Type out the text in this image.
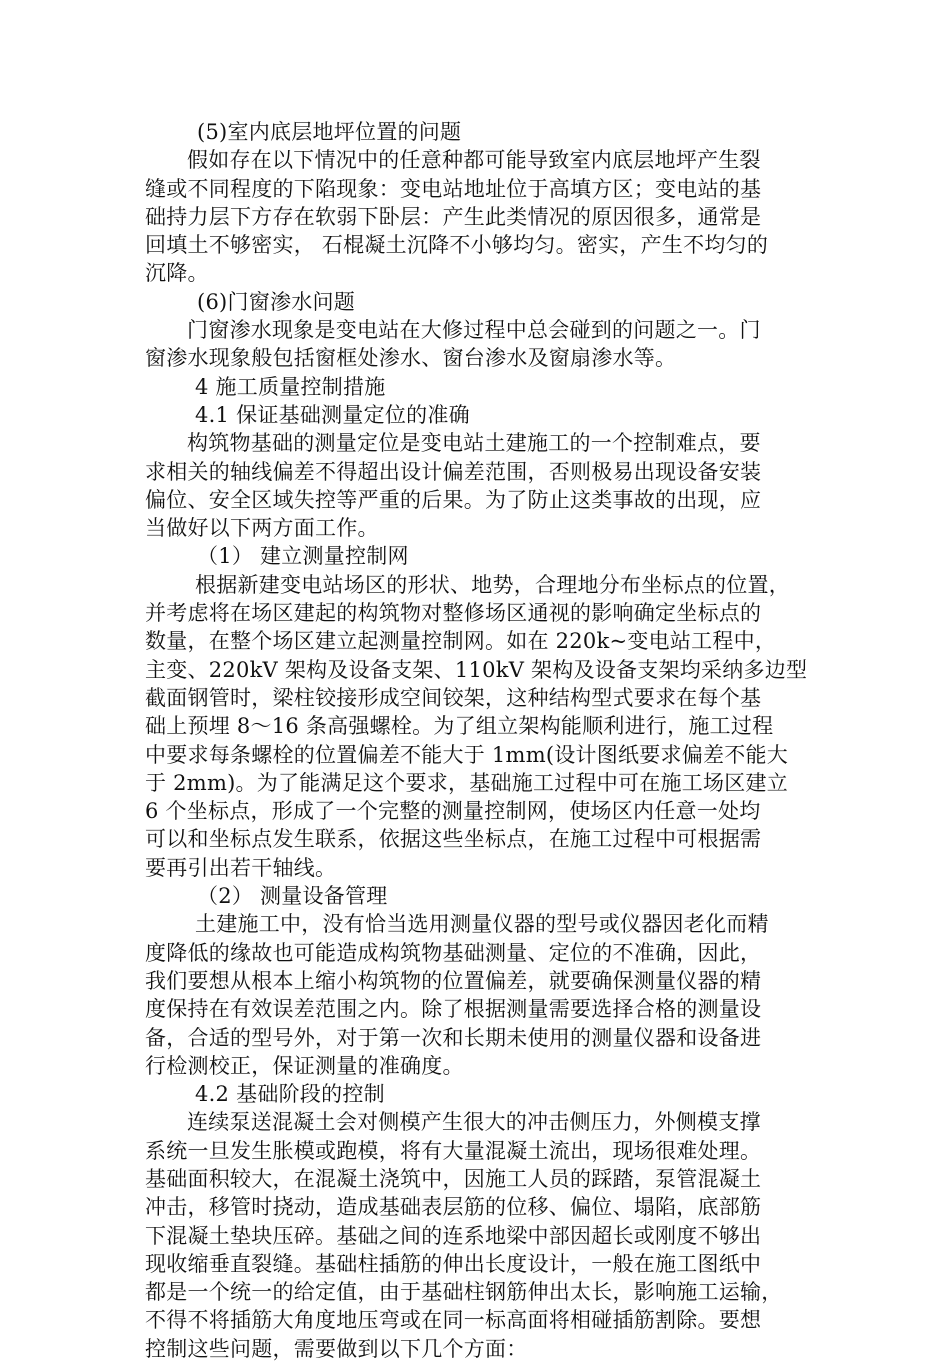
(5)室内底层地坪位置的问题

假如存在以下情况中的任意种都可能导致室内底层地坪产生裂

缝或不同程度的下陷现象：变电站地址位于高填方区；变电站的基

础持力层下方存在软弱下卧层：产生此类情况的原因很多，通常是

回填土不够密实， 石棍凝土沉降不小够均匀。密实，产生不均匀的

沉降。

(6)门窗渗水问题

门窗渗水现象是变电站在大修过程中总会碰到的问题之一。门

窗渗水现象般包括窗框处渗水、窗台渗水及窗扇渗水等。

4 施工质量控制措施

4.1 保证基础测量定位的准确

构筑物基础的测量定位是变电站土建施工的一个控制难点，要

求相关的轴线偏差不得超出设计偏差范围，否则极易出现设备安装

偏位、安全区域失控等严重的后果。为了防止这类事故的出现，应

当做好以下两方面工作。

（1） 建立测量控制网

根据新建变电站场区的形状、地势，合理地分布坐标点的位置，

并考虑将在场区建起的构筑物对整修场区通视的影响确定坐标点的

数量，在整个场区建立起测量控制网。如在 220k~变电站工程中，

主变、220kV 架构及设备支架、110kV 架构及设备支架均采纳多边型

截面钢管时，梁柱铰接形成空间铰架，这种结构型式要求在每个基

础上预埋 8～16 条高强螺栓。为了组立架构能顺利进行，施工过程

中要求每条螺栓的位置偏差不能大于 1mm(设计图纸要求偏差不能大

于 2mm)。为了能满足这个要求，基础施工过程中可在施工场区建立

6 个坐标点，形成了一个完整的测量控制网，使场区内任意一处均

可以和坐标点发生联系，依据这些坐标点，在施工过程中可根据需

要再引出若干轴线。

（2） 测量设备管理

土建施工中，没有恰当选用测量仪器的型号或仪器因老化而精

度降低的缘故也可能造成构筑物基础测量、定位的不准确，因此，

我们要想从根本上缩小构筑物的位置偏差，就要确保测量仪器的精

度保持在有效误差范围之内。除了根据测量需要选择合格的测量设

备，合适的型号外，对于第一次和长期未使用的测量仪器和设备进

行检测校正，保证测量的准确度。

4.2 基础阶段的控制

连续泵送混凝土会对侧模产生很大的冲击侧压力，外侧模支撑

系统一旦发生胀模或跑模，将有大量混凝土流出，现场很难处理。

基础面积较大，在混凝土浇筑中，因施工人员的踩踏，泵管混凝土

冲击，移管时挠动，造成基础表层筋的位移、偏位、塌陷，底部筋

下混凝土垫块压碎。基础之间的连系地梁中部因超长或刚度不够出

现收缩垂直裂缝。基础柱插筋的伸出长度设计，一般在施工图纸中

都是一个统一的给定值，由于基础柱钢筋伸出太长，影响施工运输，

不得不将插筋大角度地压弯或在同一标高面将相碰插筋割除。要想

控制这些问题，需要做到以下几个方面：
